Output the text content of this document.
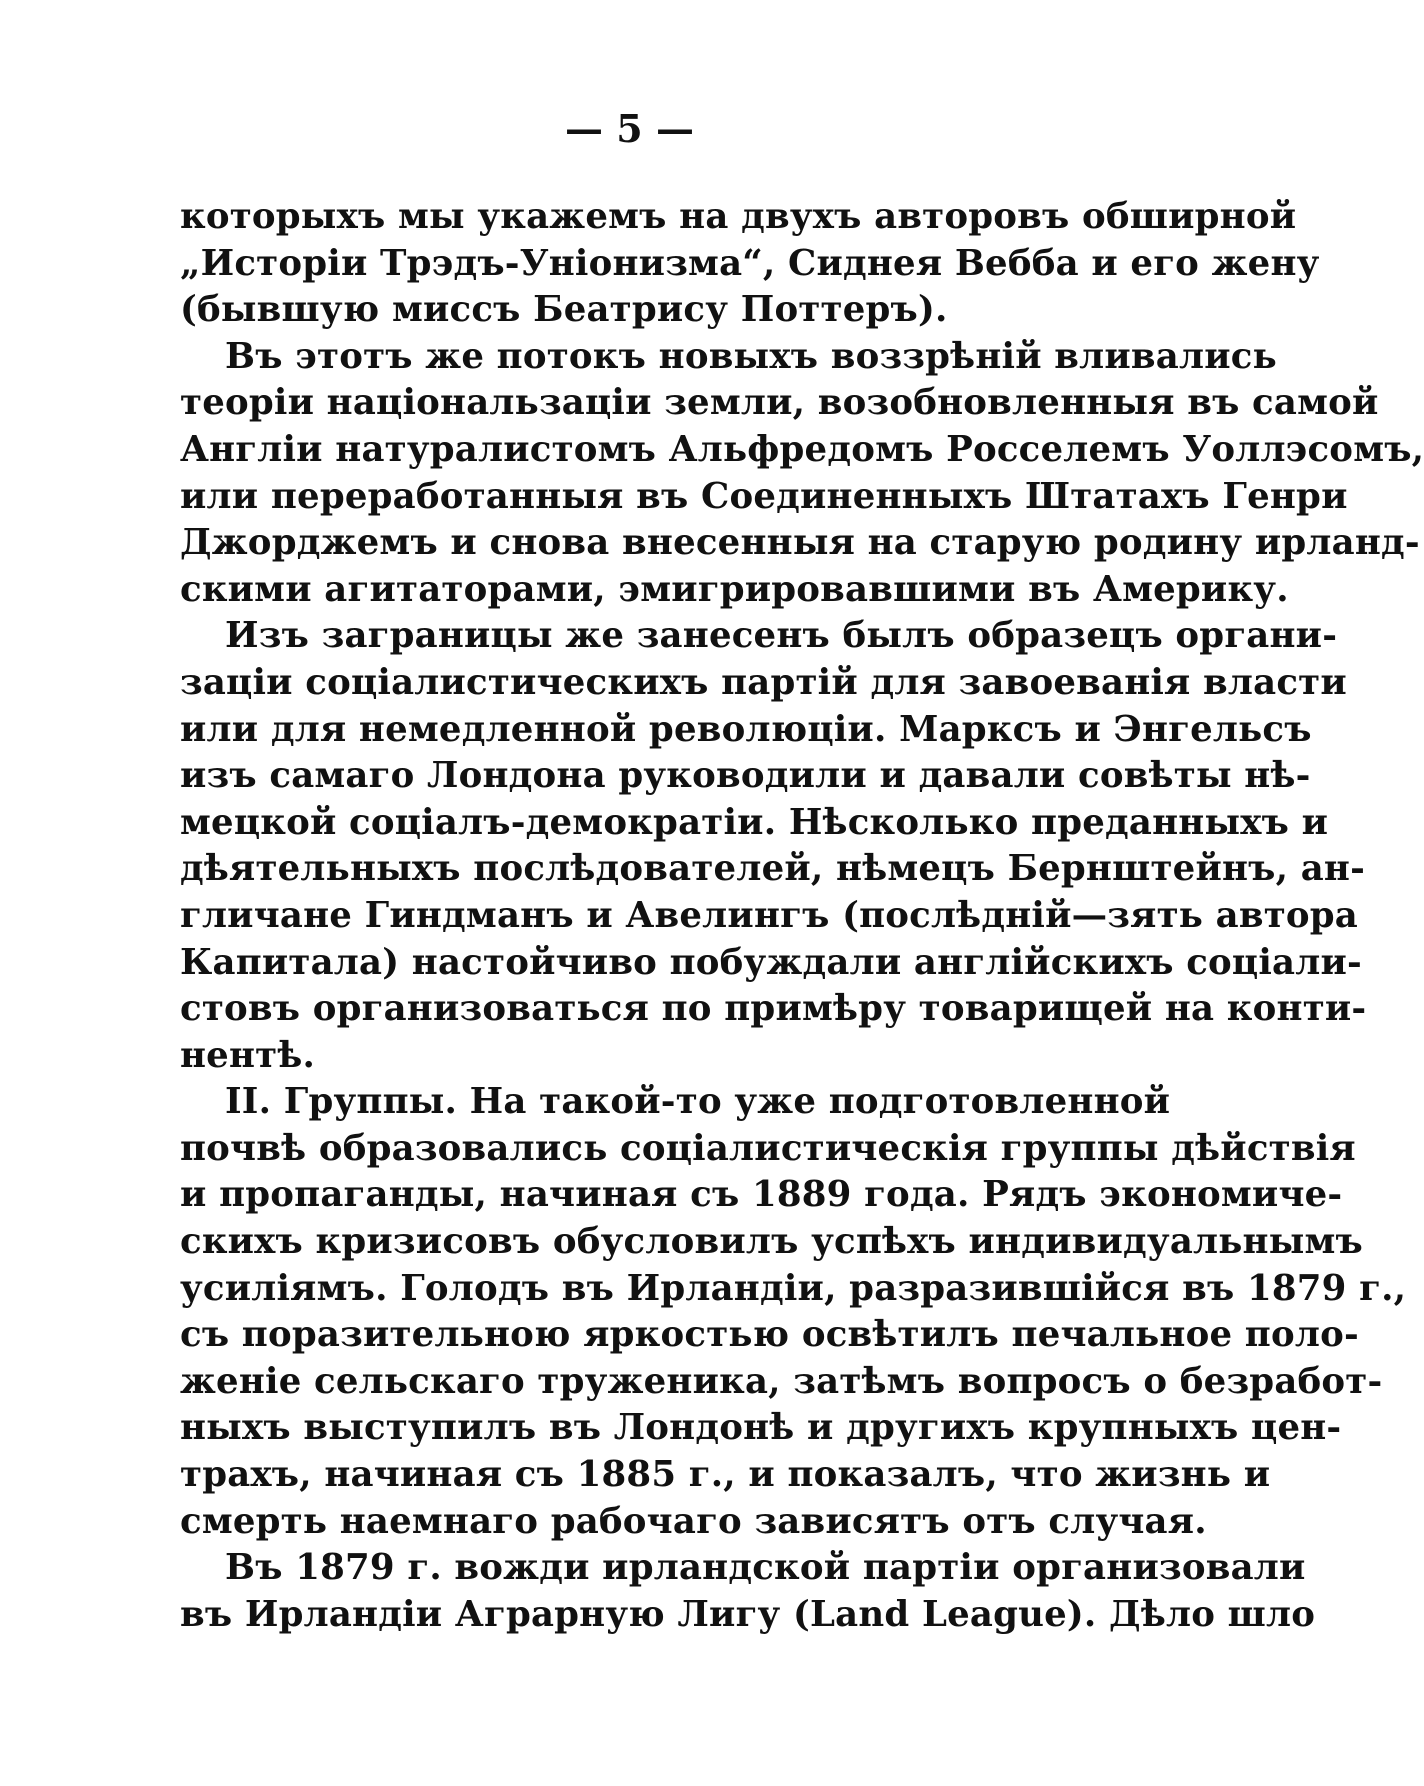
— 5 —
которыхъ мы укажемъ на двухъ авторовъ обширной
„Исторіи Трэдъ-Уніонизма“, Сиднея Вебба и его жену
(бывшую миссъ Беатрису Поттеръ).
Въ этотъ же потокъ новыхъ воззрѣній вливались
теоріи національзаціи земли, возобновленныя въ самой
Англіи натуралистомъ Альфредомъ Росселемъ Уоллэсомъ,
или переработанныя въ Соединенныхъ Штатахъ Генри
Джорджемъ и снова внесенныя на старую родину ирланд-
скими агитаторами, эмигрировавшими въ Америку.
Изъ заграницы же занесенъ былъ образецъ органи-
заціи соціалистическихъ партій для завоеванія власти
или для немедленной революціи. Марксъ и Энгельсъ
изъ самаго Лондона руководили и давали совѣты нѣ-
мецкой соціалъ-демократіи. Нѣсколько преданныхъ и
дѣятельныхъ послѣдователей, нѣмецъ Бернштейнъ, ан-
гличане Гиндманъ и Авелингъ (послѣдній—зять автора
Капитала) настойчиво побуждали англійскихъ соціали-
стовъ организоваться по примѣру товарищей на конти-
нентѣ.
II. Группы. На такой-то уже подготовленной
почвѣ образовались соціалистическія группы дѣйствія
и пропаганды, начиная съ 1889 года. Рядъ экономиче-
скихъ кризисовъ обусловилъ успѣхъ индивидуальнымъ
усиліямъ. Голодъ въ Ирландіи, разразившійся въ 1879 г.,
съ поразительною яркостью освѣтилъ печальное поло-
женіе сельскаго труженика, затѣмъ вопросъ о безработ-
ныхъ выступилъ въ Лондонѣ и другихъ крупныхъ цен-
трахъ, начиная съ 1885 г., и показалъ, что жизнь и
смерть наемнаго рабочаго зависятъ отъ случая.
Въ 1879 г. вожди ирландской партіи организовали
въ Ирландіи Аграрную Лигу (Land League). Дѣло шло
